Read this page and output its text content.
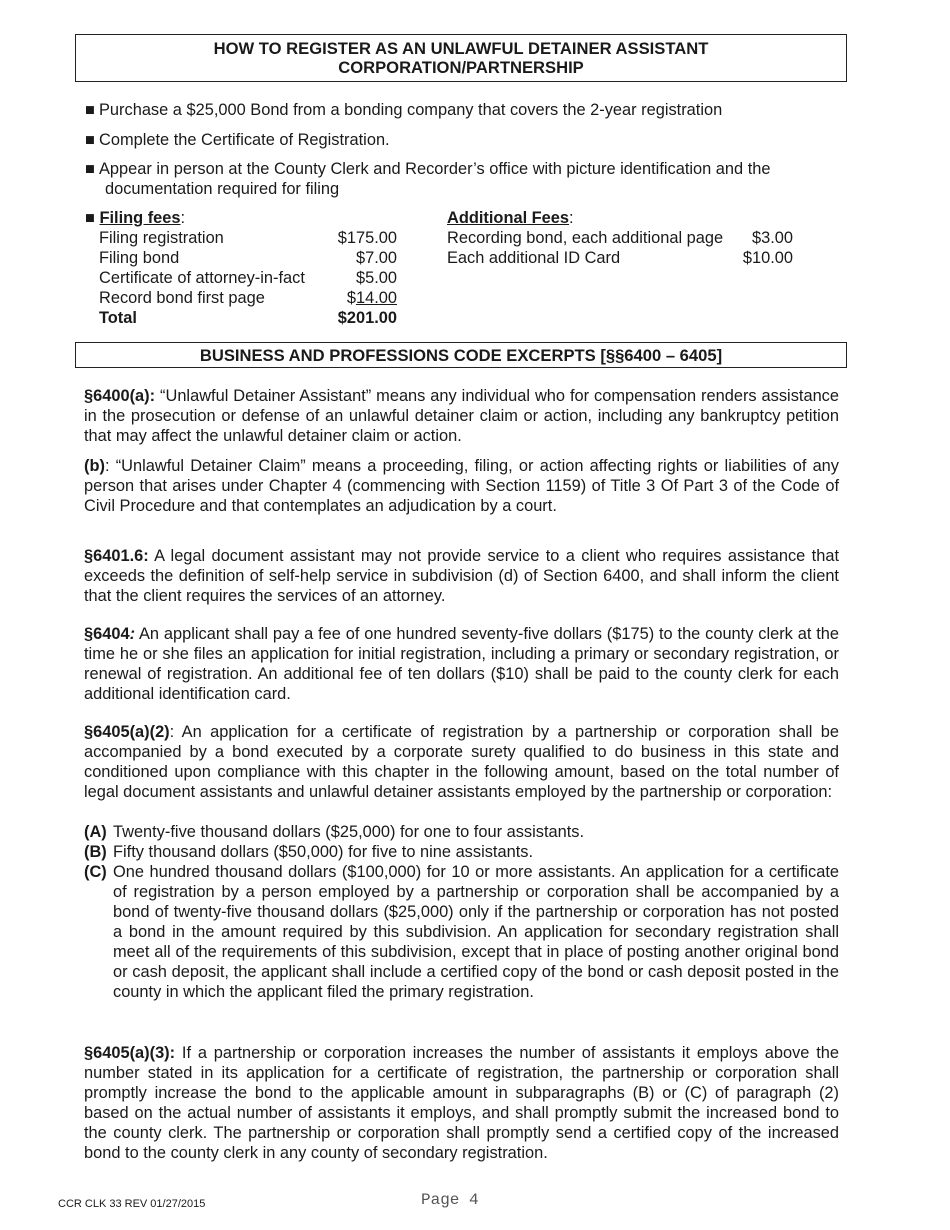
HOW TO REGISTER AS AN UNLAWFUL DETAINER ASSISTANT
CORPORATION/PARTNERSHIP
■ Purchase a $25,000 Bond from a bonding company that covers the 2-year registration
■ Complete the Certificate of Registration.
■ Appear in person at the County Clerk and Recorder’s office with picture identification and the
documentation required for filing
■ Filing fees:	
Filing registration	$175.00
Filing bond	$7.00
Certificate of attorney-in-fact	$5.00
Record bond first page	$14.00
Total	$201.00
Additional Fees:	
Recording bond, each additional page	$3.00
Each additional ID Card	$10.00
BUSINESS AND PROFESSIONS CODE EXCERPTS [§§6400 – 6405]

§6400(a): “Unlawful Detainer Assistant” means any individual who for compensation renders assistance in the prosecution or defense of an unlawful detainer claim or action, including any bankruptcy petition that may affect the unlawful detainer claim or action.

(b): “Unlawful Detainer Claim” means a proceeding, filing, or action affecting rights or liabilities of any person that arises under Chapter 4 (commencing with Section 1159) of Title 3 Of Part 3 of the Code of Civil Procedure and that contemplates an adjudication by a court.

§6401.6: A legal document assistant may not provide service to a client who requires assistance that exceeds the definition of self-help service in subdivision (d) of Section 6400, and shall inform the client that the client requires the services of an attorney.

§6404: An applicant shall pay a fee of one hundred seventy-five dollars ($175) to the county clerk at the time he or she files an application for initial registration, including a primary or secondary registration, or renewal of registration. An additional fee of ten dollars ($10) shall be paid to the county clerk for each additional identification card.

§6405(a)(2): An application for a certificate of registration by a partnership or corporation shall be accompanied by a bond executed by a corporate surety qualified to do business in this state and conditioned upon compliance with this chapter in the following amount, based on the total number of legal document assistants and unlawful detainer assistants employed by the partnership or corporation:

(A) Twenty-five thousand dollars ($25,000) for one to four assistants.
(B) Fifty thousand dollars ($50,000) for five to nine assistants.
(C) One hundred thousand dollars ($100,000) for 10 or more assistants. An application for a certificate of registration by a person employed by a partnership or corporation shall be accompanied by a bond of twenty-five thousand dollars ($25,000) only if the partnership or corporation has not posted a bond in the amount required by this subdivision. An application for secondary registration shall meet all of the requirements of this subdivision, except that in place of posting another original bond or cash deposit, the applicant shall include a certified copy of the bond or cash deposit posted in the county in which the applicant filed the primary registration.

§6405(a)(3): If a partnership or corporation increases the number of assistants it employs above the number stated in its application for a certificate of registration, the partnership or corporation shall promptly increase the bond to the applicable amount in subparagraphs (B) or (C) of paragraph (2) based on the actual number of assistants it employs, and shall promptly submit the increased bond to the county clerk. The partnership or corporation shall promptly send a certified copy of the increased bond to the county clerk in any county of secondary registration.

CCR CLK 33 REV 01/27/2015	Page 4
